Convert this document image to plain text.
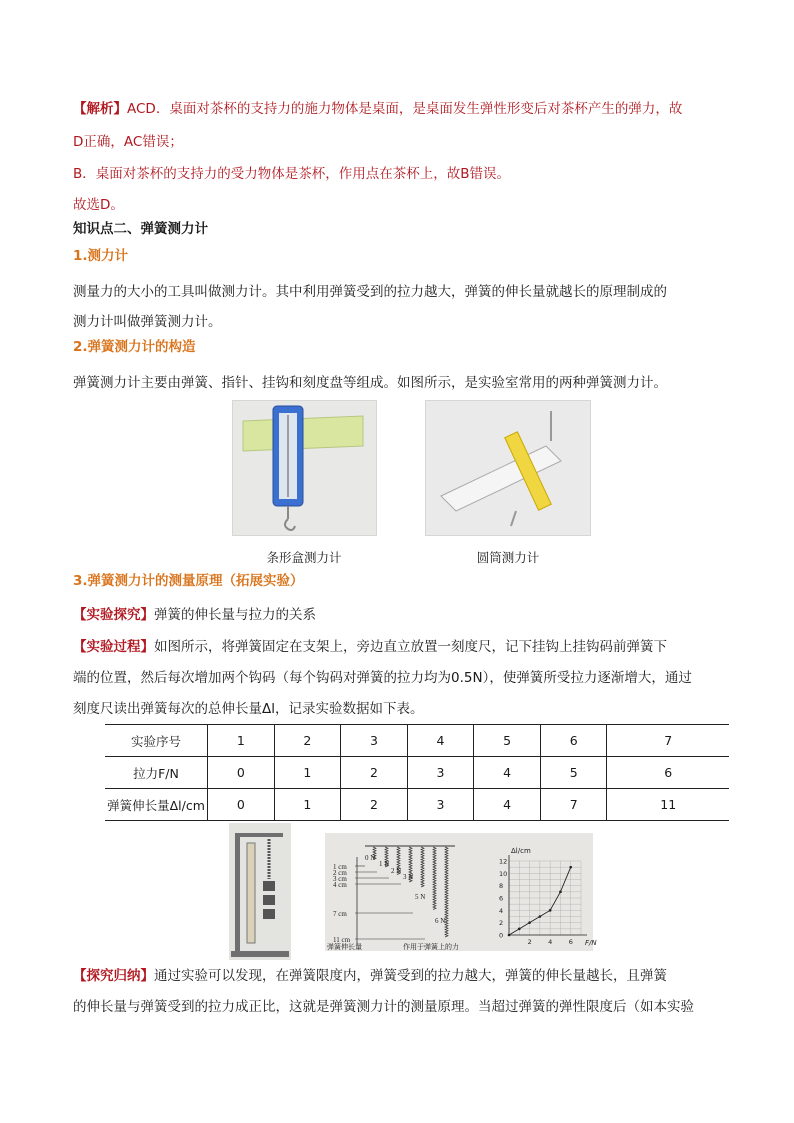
【解析】ACD．桌面对茶杯的支持力的施力物体是桌面，是桌面发生弹性形变后对茶杯产生的弹力，故
D正确，AC错误；
B．桌面对茶杯的支持力的受力物体是茶杯，作用点在茶杯上，故B错误。
故选D。
知识点二、弹簧测力计
1.测力计
测量力的大小的工具叫做测力计。其中利用弹簧受到的拉力越大，弹簧的伸长量就越长的原理制成的
测力计叫做弹簧测力计。
2.弹簧测力计的构造
弹簧测力计主要由弹簧、指针、挂钩和刻度盘等组成。如图所示，是实验室常用的两种弹簧测力计。
条形盒测力计	圆筒测力计
3.弹簧测力计的测量原理（拓展实验）
【实验探究】弹簧的伸长量与拉力的关系
【实验过程】如图所示，将弹簧固定在支架上，旁边直立放置一刻度尺，记下挂钩上挂钩码前弹簧下
端的位置，然后每次增加两个钩码（每个钩码对弹簧的拉力均为0.5N），使弹簧所受拉力逐渐增大，通过
刻度尺读出弹簧每次的总伸长量Δl，记录实验数据如下表。
实验序号	1	2	3	4	5	6	7
拉力F/N	0	1	2	3	4	5	6
弹簧伸长量Δl/cm	0	1	2	3	4	7	11
1 cm
2 cm
3 cm
4 cm
7 cm
11 cm
0 N
1 N
2 N
3 N
5 N
6 N
弹簧伸长量	作用于弹簧上的力
Δl/cm
F/N
12
10
8
6
4
2
0
2	4	6
【探究归纳】通过实验可以发现，在弹簧限度内，弹簧受到的拉力越大，弹簧的伸长量越长，且弹簧
的伸长量与弹簧受到的拉力成正比，这就是弹簧测力计的测量原理。当超过弹簧的弹性限度后（如本实验
